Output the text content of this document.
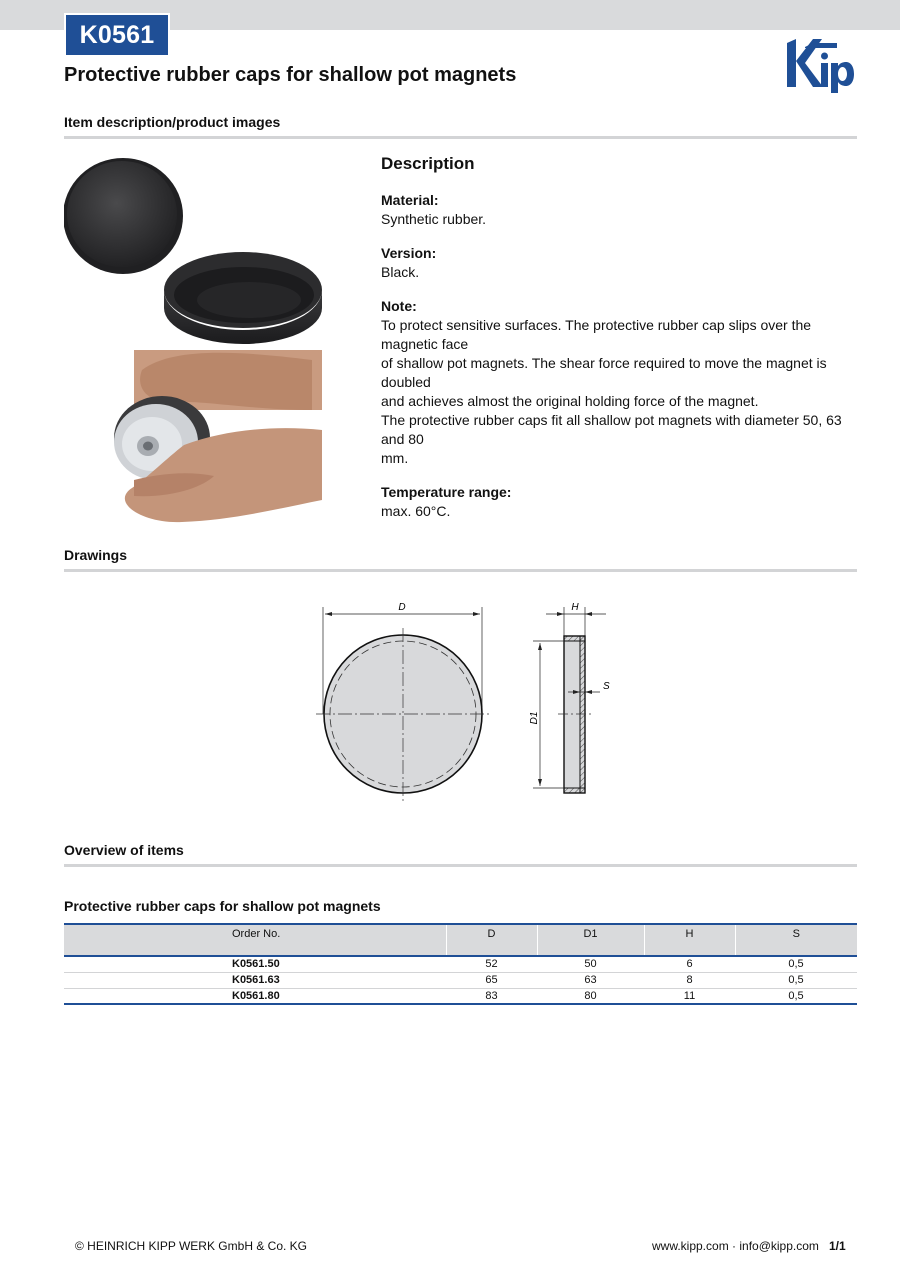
K0561
Protective rubber caps for shallow pot magnets
Item description/product images
Description
Material:
Synthetic rubber.
Version:
Black.
Note:
To protect sensitive surfaces. The protective rubber cap slips over the magnetic face
of shallow pot magnets. The shear force required to move the magnet is doubled
and achieves almost the original holding force of the magnet.
The protective rubber caps fit all shallow pot magnets with diameter 50, 63 and 80
mm.
Temperature range:
max. 60°C.
Drawings
D	H
D1
S
Overview of items
Protective rubber caps for shallow pot magnets
Order No.	D	D1	H	S
K0561.50	52	50	6	0,5
K0561.63	65	63	8	0,5
K0561.80	83	80	11	0,5
© HEINRICH KIPP WERK GmbH & Co. KG	www.kipp.com · info@kipp.com 1/1
